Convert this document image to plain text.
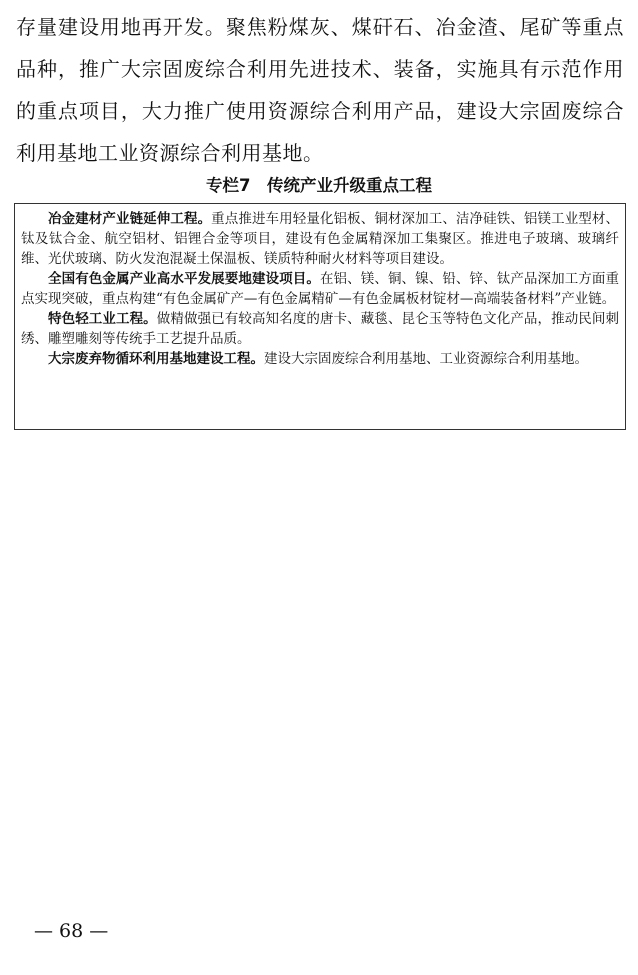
存量建设用地再开发。聚焦粉煤灰、煤矸石、冶金渣、尾矿等重点品种，推广大宗固废综合利用先进技术、装备，实施具有示范作用的重点项目，大力推广使用资源综合利用产品，建设大宗固废综合利用基地工业资源综合利用基地。

专栏7　传统产业升级重点工程

冶金建材产业链延伸工程。重点推进车用轻量化铝板、铜材深加工、洁净硅铁、铝镁工业型材、钛及钛合金、航空铝材、铝锂合金等项目，建设有色金属精深加工集聚区。推进电子玻璃、玻璃纤维、光伏玻璃、防火发泡混凝土保温板、镁质特种耐火材料等项目建设。

全国有色金属产业高水平发展要地建设项目。在铝、镁、铜、镍、铅、锌、钛产品深加工方面重点实现突破，重点构建“有色金属矿产—有色金属精矿—有色金属板材锭材—高端装备材料”产业链。

特色轻工业工程。做精做强已有较高知名度的唐卡、藏毯、昆仑玉等特色文化产品，推动民间刺绣、雕塑雕刻等传统手工艺提升品质。

大宗废弃物循环利用基地建设工程。建设大宗固废综合利用基地、工业资源综合利用基地。

— 68 —
